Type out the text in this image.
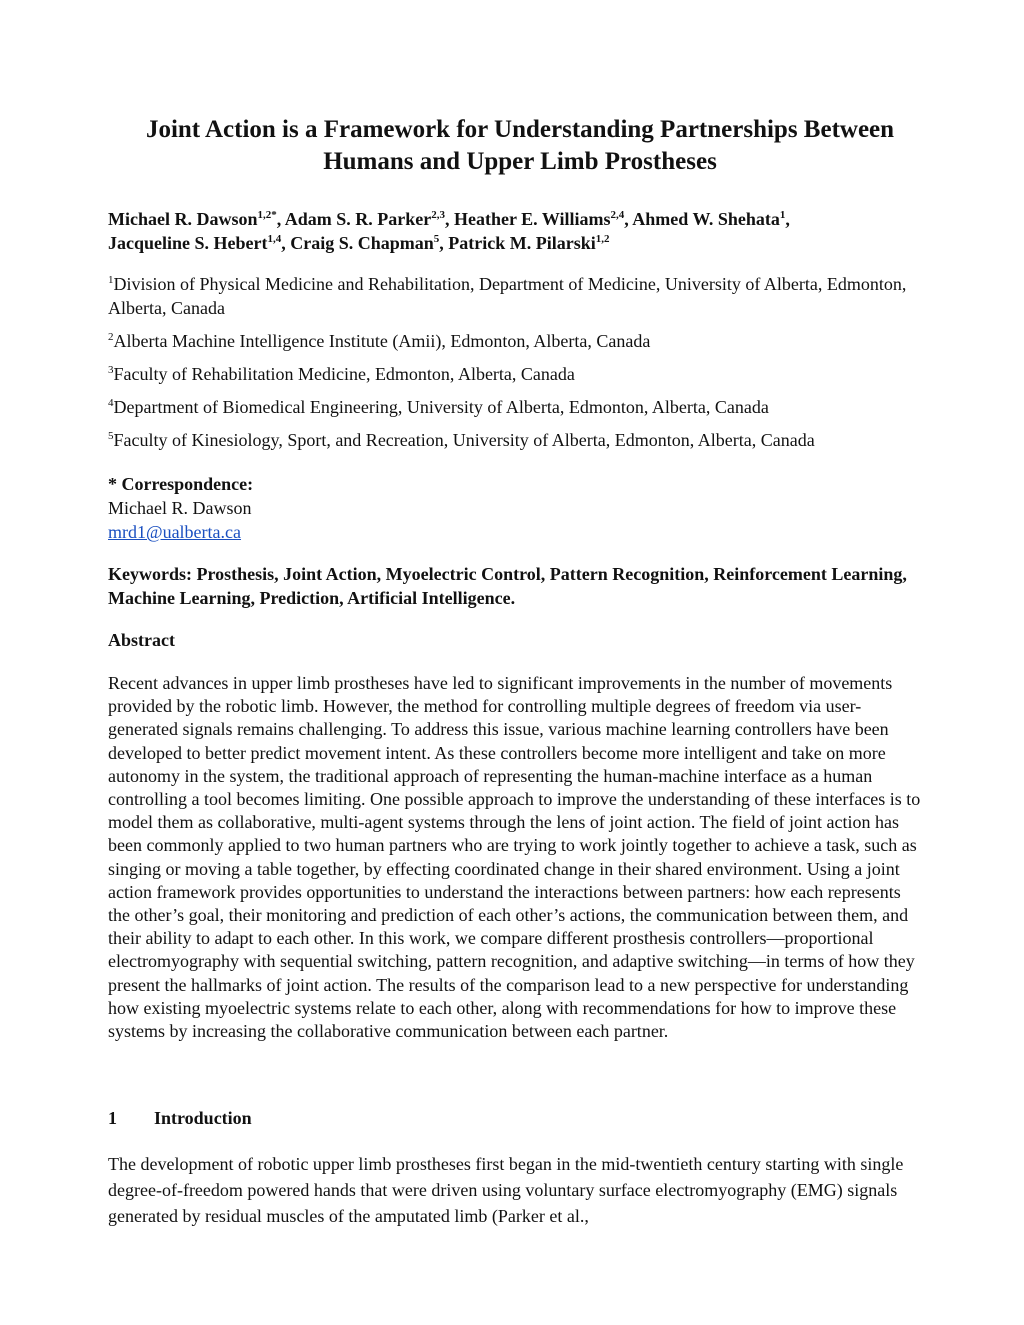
Joint Action is a Framework for Understanding Partnerships Between
Humans and Upper Limb Prostheses

Michael R. Dawson$^{1,2*}$, Adam S. R. Parker$^{2,3}$, Heather E. Williams$^{2,4}$, Ahmed W. Shehata$^1$,
Jacqueline S. Hebert$^{1,4}$, Craig S. Chapman$^5$, Patrick M. Pilarski$^{1,2}$

$^1$Division of Physical Medicine and Rehabilitation, Department of Medicine, University of Alberta, Edmonton, Alberta, Canada

$^2$Alberta Machine Intelligence Institute (Amii), Edmonton, Alberta, Canada

$^3$Faculty of Rehabilitation Medicine, Edmonton, Alberta, Canada

$^4$Department of Biomedical Engineering, University of Alberta, Edmonton, Alberta, Canada

$^5$Faculty of Kinesiology, Sport, and Recreation, University of Alberta, Edmonton, Alberta, Canada

* Correspondence:
Michael R. Dawson
mrd1@ualberta.ca

Keywords: Prosthesis, Joint Action, Myoelectric Control, Pattern Recognition, Reinforcement Learning, Machine Learning, Prediction, Artificial Intelligence.

Abstract

Recent advances in upper limb prostheses have led to significant improvements in the number of movements provided by the robotic limb. However, the method for controlling multiple degrees of freedom via user-generated signals remains challenging. To address this issue, various machine learning controllers have been developed to better predict movement intent. As these controllers become more intelligent and take on more autonomy in the system, the traditional approach of representing the human-machine interface as a human controlling a tool becomes limiting. One possible approach to improve the understanding of these interfaces is to model them as collaborative, multi-agent systems through the lens of joint action. The field of joint action has been commonly applied to two human partners who are trying to work jointly together to achieve a task, such as singing or moving a table together, by effecting coordinated change in their shared environment. Using a joint action framework provides opportunities to understand the interactions between partners: how each represents the other’s goal, their monitoring and prediction of each other’s actions, the communication between them, and their ability to adapt to each other. In this work, we compare different prosthesis controllers—proportional electromyography with sequential switching, pattern recognition, and adaptive switching—in terms of how they present the hallmarks of joint action. The results of the comparison lead to a new perspective for understanding how existing myoelectric systems relate to each other, along with recommendations for how to improve these systems by increasing the collaborative communication between each partner.

1 Introduction

The development of robotic upper limb prostheses first began in the mid-twentieth century starting with single degree-of-freedom powered hands that were driven using voluntary surface electromyography (EMG) signals generated by residual muscles of the amputated limb (Parker et al.,
